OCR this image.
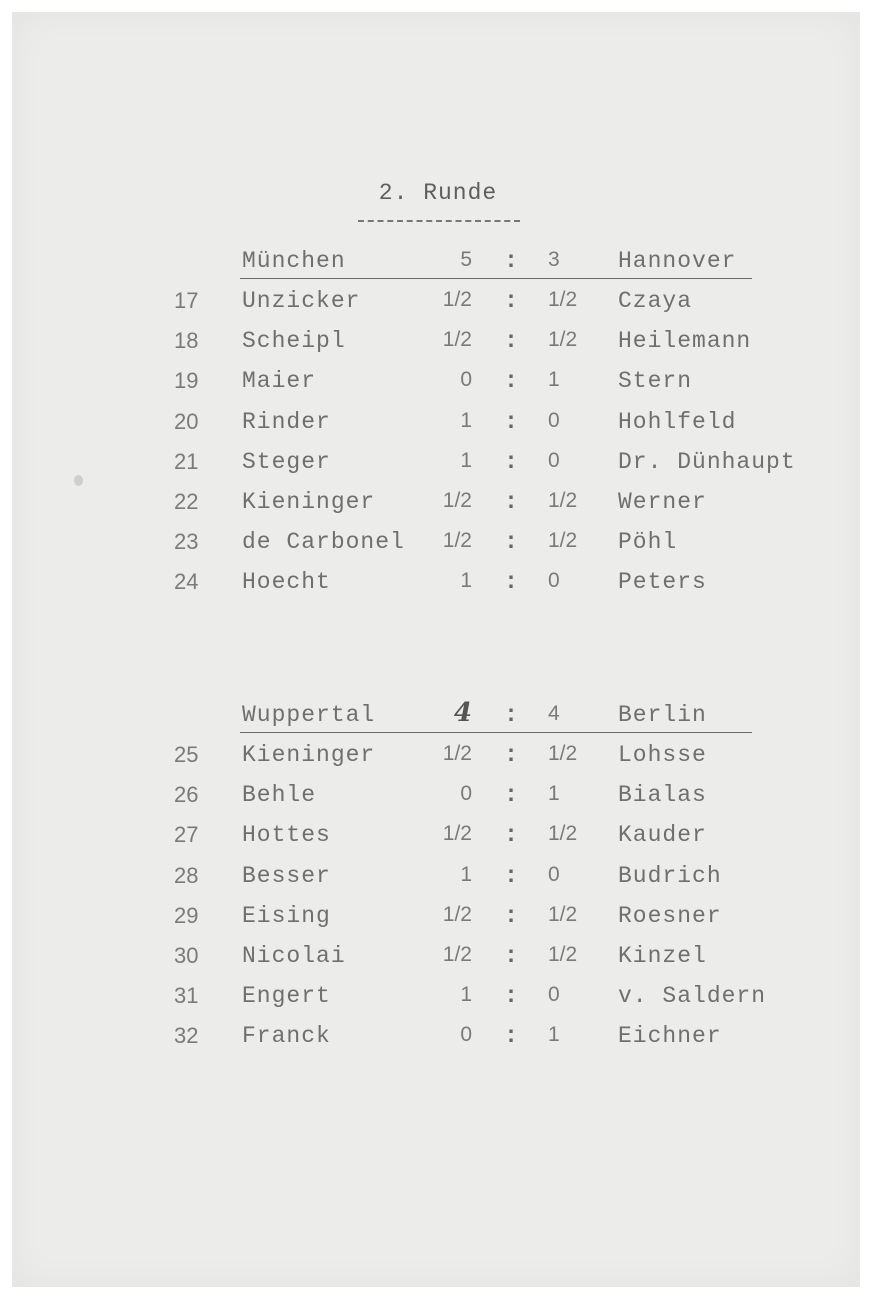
2. Runde
München	5 : 3	Hannover
17	Unzicker	1/2 : 1/2	Czaya
18	Scheipl	1/2 : 1/2	Heilemann
19	Maier	0 : 1	Stern
20	Rinder	1 : 0	Hohlfeld
21	Steger	1 : 0	Dr. Dünhaupt
22	Kieninger	1/2 : 1/2	Werner
23	de Carbonel	1/2 : 1/2	Pöhl
24	Hoecht	1 : 0	Peters
Wuppertal	4 : 4	Berlin
25	Kieninger	1/2 : 1/2	Lohsse
26	Behle	0 : 1	Bialas
27	Hottes	1/2 : 1/2	Kauder
28	Besser	1 : 0	Budrich
29	Eising	1/2 : 1/2	Roesner
30	Nicolai	1/2 : 1/2	Kinzel
31	Engert	1 : 0	v. Saldern
32	Franck	0 : 1	Eichner
